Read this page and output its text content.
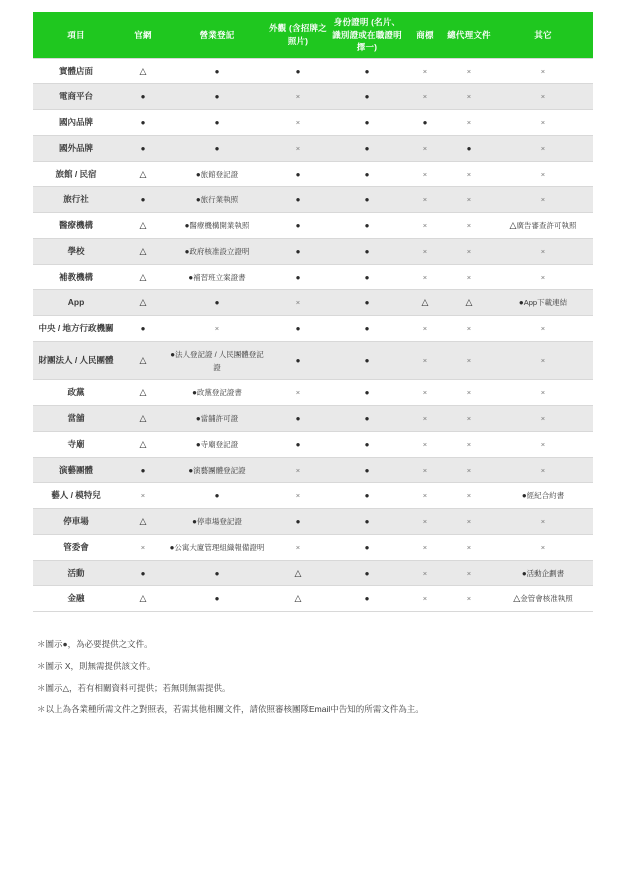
項目	官網	營業登記	外觀 (含招牌之照片)	身份證明 (名片、識別證或在職證明擇一)	商標	總代理文件	其它
實體店面	△	●	●	●	×	×	×
電商平台	●	●	×	●	×	×	×
國內品牌	●	●	×	●	●	×	×
國外品牌	●	●	×	●	×	●	×
旅館 / 民宿	△	●旅館登記證	●	●	×	×	×
旅行社	●	●旅行業執照	●	●	×	×	×
醫療機構	△	●醫療機構開業執照	●	●	×	×	△廣告審查許可執照
學校	△	●政府核准設立證明	●	●	×	×	×
補教機構	△	●補習班立案證書	●	●	×	×	×
App	△	●	×	●	△	△	●App下載連結
中央 / 地方行政機關	●	×	●	●	×	×	×
財團法人 / 人民團體	△	●法人登記證 / 人民團體登記證	●	●	×	×	×
政黨	△	●政黨登記證書	×	●	×	×	×
當舖	△	●當舖許可證	●	●	×	×	×
寺廟	△	●寺廟登記證	●	●	×	×	×
演藝團體	●	●演藝團體登記證	×	●	×	×	×
藝人 / 模特兒	×	●	×	●	×	×	●經紀合約書
停車場	△	●停車場登記證	●	●	×	×	×
管委會	×	●公寓大廈管理組織報備證明	×	●	×	×	×
活動	●	●	△	●	×	×	●活動企劃書
金融	△	●	△	●	×	×	△金管會核准執照

＊圖示●，為必要提供之文件。

＊圖示 X，則無需提供該文件。

＊圖示△，若有相關資料可提供；若無則無需提供。

＊以上為各業種所需文件之對照表，若需其他相關文件，請依照審核團隊Email中告知的所需文件為主。
